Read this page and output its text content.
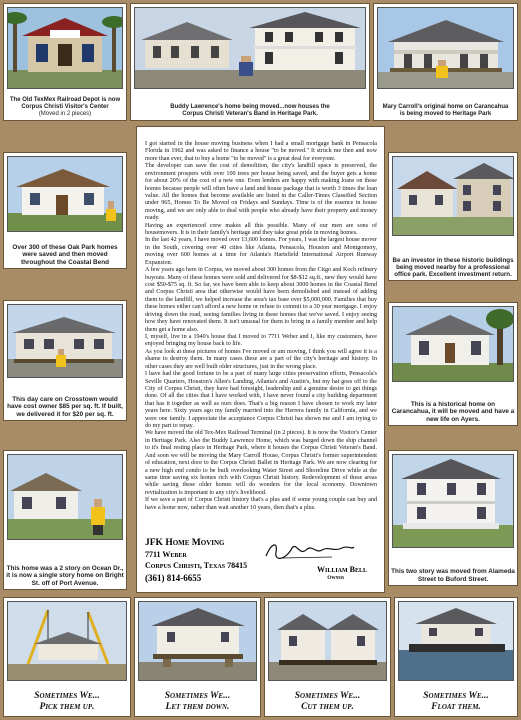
The Old TexMex Railroad Depot is now
Corpus Christi Visitor's Center
(Moved in 2 pieces)
Buddy Lawrence's home being moved...now houses the
Corpus Christi Veteran's Band in Heritage Park.
Mary Carroll's original home on Carancahua
is being moved to Heritage Park
Over 300 of these Oak Park homes were saved and then moved throughout the Coastal Bend
This day care on Crosstown would have cost owner $85 per sq. ft. If built, we delivered it for $20 per sq. ft.
This home was a 2 story on Ocean Dr., it is now a single story home on Bright St. off of Port Avenue.
Be an investor in these historic buildings being moved nearby for a professional office park. Excellent investment return.
This is a historical home on Carancahua, it will be moved and have a new life on Ayers.
This two story was moved from Alameda Street to Buford Street.

I got started in the house moving business when I had a small mortgage bank in Pensacola Florida in 1962 and was asked to finance a house "to be moved." It struck me then and now more than ever, that to buy a home "to be moved" is a great deal for everyone.

The developer can save the cost of demolition, the city's landfill space is preserved, the environment prospers with over 100 trees per house being saved, and the buyer gets a home for about 20% of the cost of a new one. Even lenders are happy with making loans on these homes because people will often have a land and house package that is worth 3 times the loan value. All the homes that become available are listed in the Caller-Times Classified Section under 965, Homes To Be Moved on Fridays and Sundays. Time is of the essence in house moving, and we are only able to deal with people who already have their property and money ready.

Having an experienced crew makes all this possible. Many of our men are sons of housemovers. It is in their family's heritage and they take great pride in moving homes.

In the last 42 years, I have moved over 13,600 homes. For years, I was the largest house mover in the South, covering over 40 cities like Atlanta, Pensacola, Houston and Montgomery, moving over 600 homes at a time for Atlanta's Hartsfield International Airport Runway Expansion.

A few years ago here in Corpus, we moved about 300 homes from the Citgo and Koch refinery buyouts. Many of these homes were sold and delivered for $8-$12 sq.ft., new they would have cost $50-$75 sq. ft. So far, we have been able to keep about 3000 homes in the Coastal Bend and Corpus Christi area that otherwise would have been demolished and instead of adding them to the landfill, we helped increase the area's tax base over $5,000,000. Families that buy these homes either can't afford a new home or refuse to commit to a 30 year mortgage. I enjoy driving down the road, seeing families living in these homes that we've saved. I enjoy seeing how they have renovated them. It isn't unusual for them to bring in a family member and help them get a home also.

I, myself, live in a 1940's house that I moved to 7711 Weber and I, like my customers, have enjoyed bringing my house back to life.

As you look at these pictures of homes I've moved or am moving, I think you will agree it is a shame to destroy them. In many cases these are a part of the city's heritage and history. In other cases they are well built older structures, just in the wrong place.

I have had the good fortune to be a part of many large cities preservation efforts, Pensacola's Seville Quarters, Houston's Allen's Landing, Atlanta's and Austin's, but my hat goes off to the City of Corpus Christi, they have had foresight, leadership and a genuine desire to get things done. Of all the cities that I have worked with, I have never found a city building department that has it together as well as ours does. That's a big reason I have chosen to work my later years here. Sixty years ago my family married into the Herrera family in California, and we were one family. I appreciate the acceptance Corpus Christi has shown me and I am trying to do my part to repay.

We have moved the old Tex-Mex Railroad Terminal (in 2 pieces). It is now the Visitor's Center in Heritage Park. Also the Buddy Lawrence Home, which was barged down the ship channel to it's final resting place in Heritage Park, where it houses the Corpus Christi Veteran's Band. And soon we will be moving the Mary Carroll House, Corpus Christi's former superintendent of education, next door to the Corpus Christi Ballet in Heritage Park. We are now clearing for a new high end condo to be built overlooking Water Street and Shoreline Drive while at the same time saving six homes rich with Corpus Christi history. Redevelopment of these areas while saving these older homes will do wonders for the local economy. Downtown revitalization is important to any city's livelihood.

If we save a part of Corpus Christi history that's a plus and if some young couple can buy and have a home now, rather than wait another 10 years, then that's a plus.

JFK Home Moving
7711 Weber
Corpus Christi, Texas 78415
(361) 814-6655
William Bell
Owner
Sometimes We...
Pick them up.
Sometimes We...
Let them down.
Sometimes We...
Cut them up.
Sometimes We...
Float them.
